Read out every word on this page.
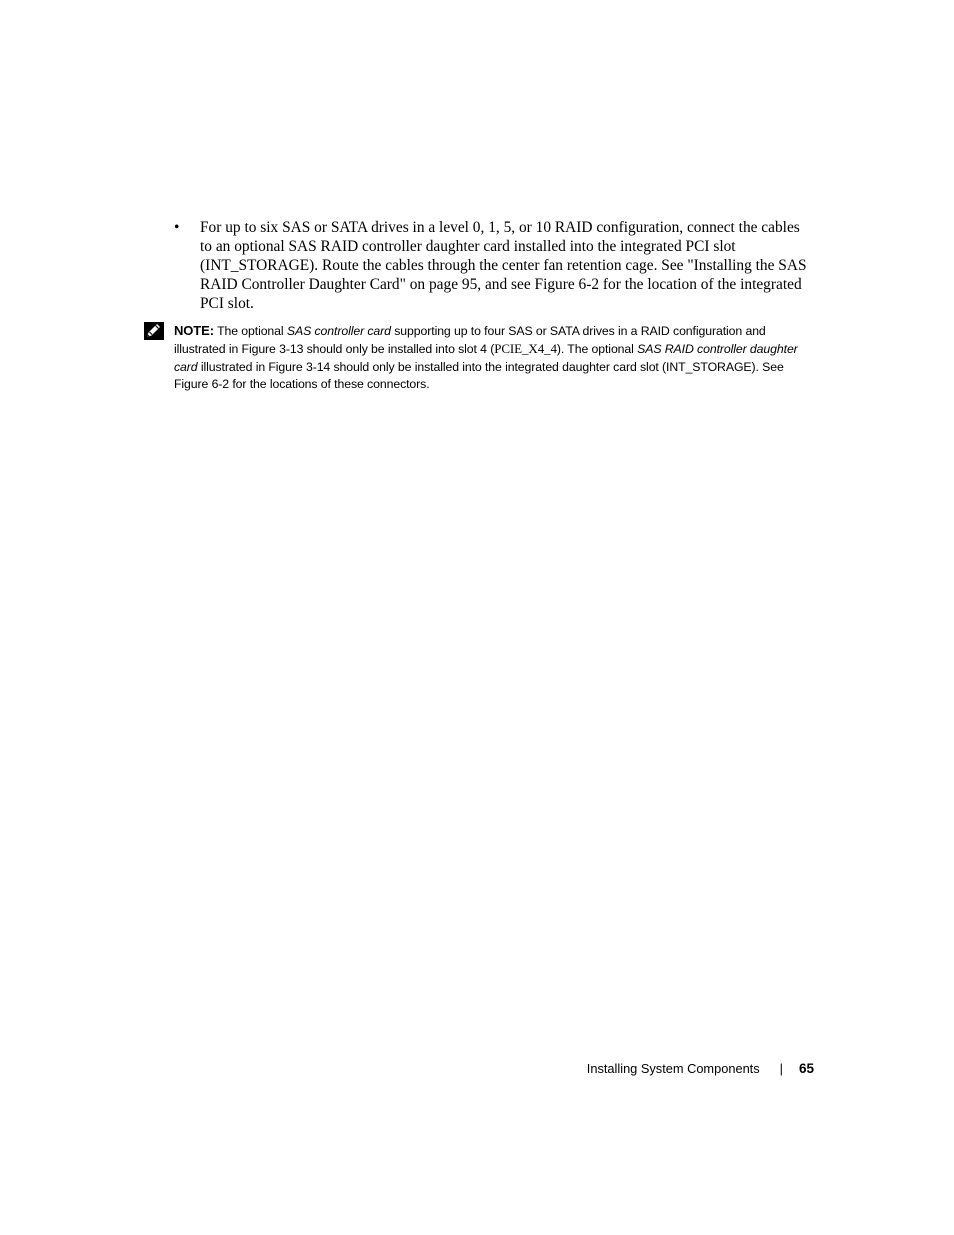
• For up to six SAS or SATA drives in a level 0, 1, 5, or 10 RAID configuration, connect the cables to an optional SAS RAID controller daughter card installed into the integrated PCI slot (INT_STORAGE). Route the cables through the center fan retention cage. See "Installing the SAS RAID Controller Daughter Card" on page 95, and see Figure 6-2 for the location of the integrated PCI slot.
NOTE: The optional SAS controller card supporting up to four SAS or SATA drives in a RAID configuration and illustrated in Figure 3-13 should only be installed into slot 4 (PCIE_X4_4). The optional SAS RAID controller daughter card illustrated in Figure 3-14 should only be installed into the integrated daughter card slot (INT_STORAGE). See Figure 6-2 for the locations of these connectors.
Installing System Components | 65
